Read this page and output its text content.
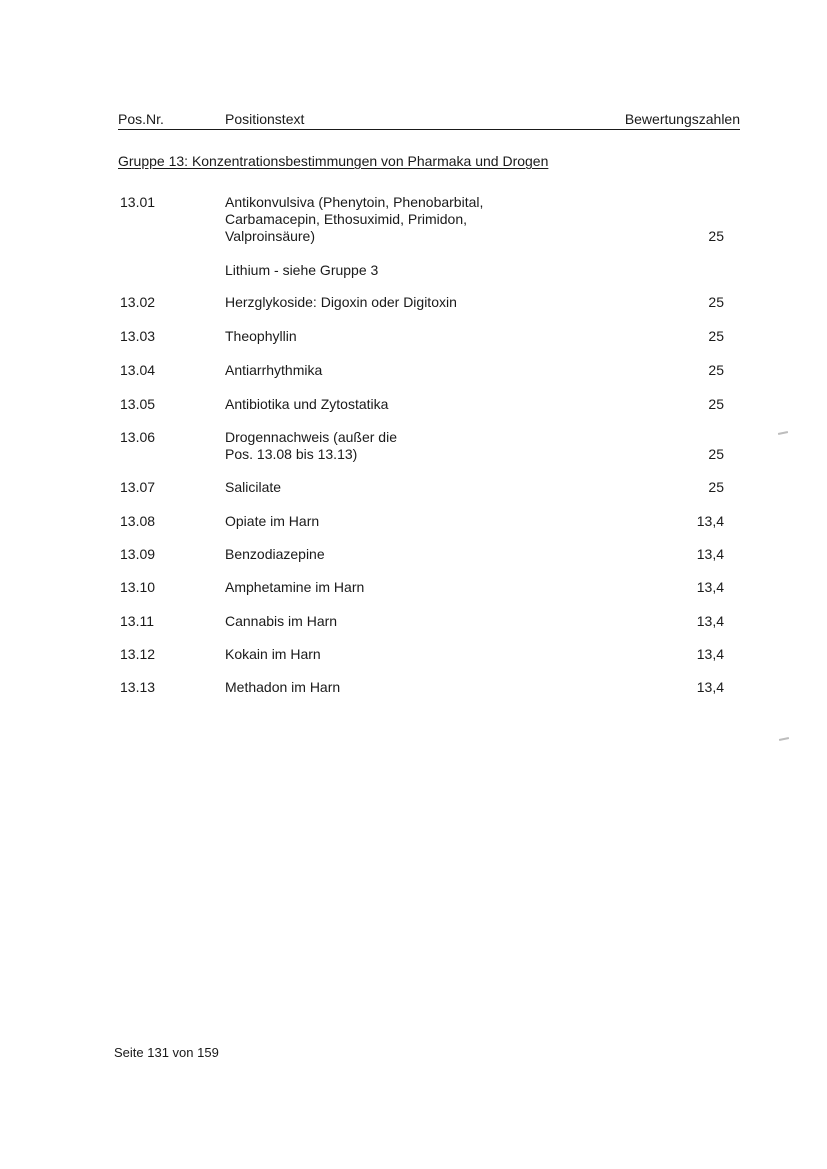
Pos.Nr.	Positionstext	Bewertungszahlen
Gruppe 13: Konzentrationsbestimmungen von Pharmaka und Drogen
13.01	Antikonvulsiva (Phenytoin, Phenobarbital,
Carbamacepin, Ethosuximid, Primidon,
Valproinsäure)	25
13.02	Herzglykoside: Digoxin oder Digitoxin	25
13.03	Theophyllin	25
13.04	Antiarrhythmika	25
13.05	Antibiotika und Zytostatika	25
13.06	Drogennachweis (außer die
Pos. 13.08 bis 13.13)	25
13.07	Salicilate	25
13.08	Opiate im Harn	13,4
13.09	Benzodiazepine	13,4
13.10	Amphetamine im Harn	13,4
13.11	Cannabis im Harn	13,4
13.12	Kokain im Harn	13,4
13.13	Methadon im Harn	13,4
Lithium - siehe Gruppe 3
Seite 131 von 159
